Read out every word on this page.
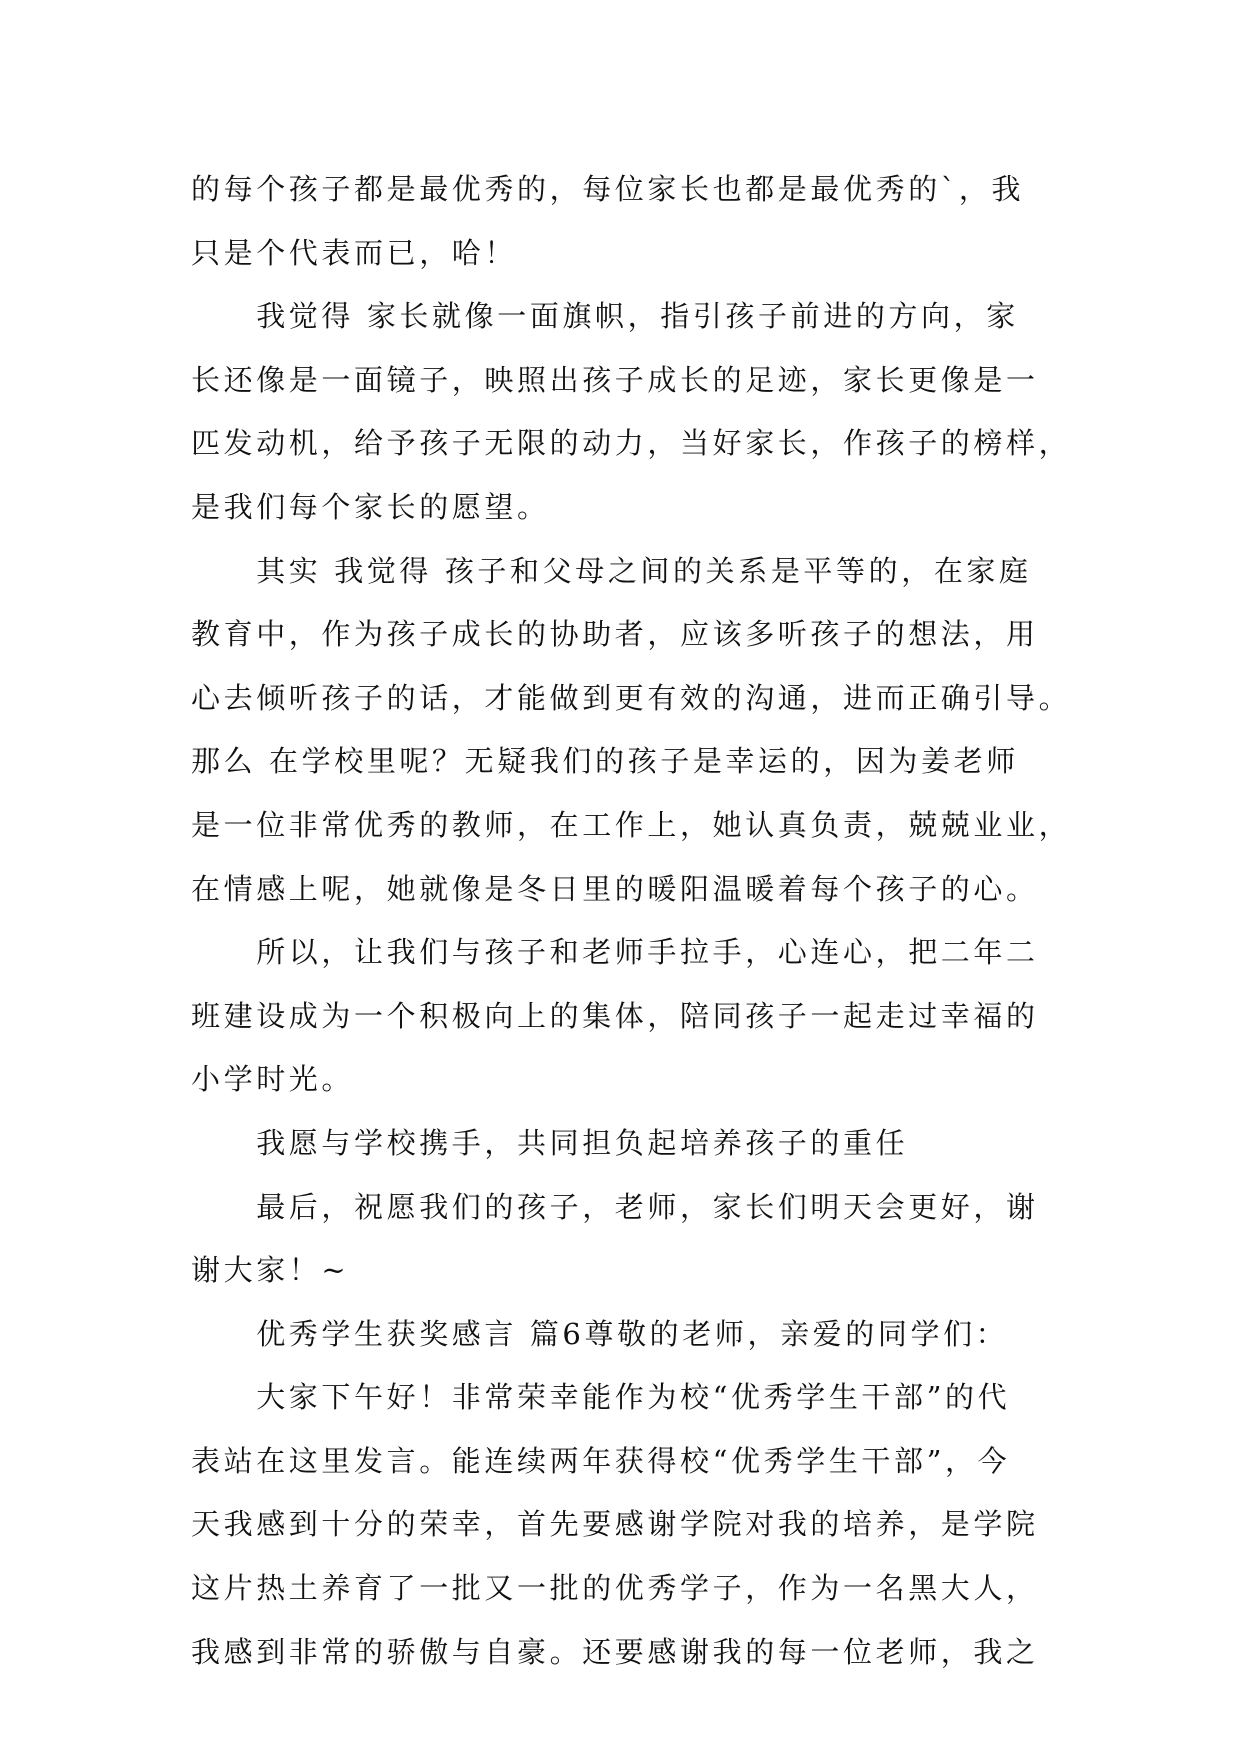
的每个孩子都是最优秀的，每位家长也都是最优秀的`，我
只是个代表而已，哈！
　　我觉得 家长就像一面旗帜，指引孩子前进的方向，家
长还像是一面镜子，映照出孩子成长的足迹，家长更像是一
匹发动机，给予孩子无限的动力，当好家长，作孩子的榜样，
是我们每个家长的愿望。
　　其实 我觉得 孩子和父母之间的关系是平等的，在家庭
教育中，作为孩子成长的协助者，应该多听孩子的想法，用
心去倾听孩子的话，才能做到更有效的沟通，进而正确引导。
那么 在学校里呢？无疑我们的孩子是幸运的，因为姜老师
是一位非常优秀的教师，在工作上，她认真负责，兢兢业业，
在情感上呢，她就像是冬日里的暖阳温暖着每个孩子的心。
　　所以，让我们与孩子和老师手拉手，心连心，把二年二
班建设成为一个积极向上的集体，陪同孩子一起走过幸福的
小学时光。
　　我愿与学校携手，共同担负起培养孩子的重任
　　最后，祝愿我们的孩子，老师，家长们明天会更好，谢
谢大家！~
　　优秀学生获奖感言 篇6尊敬的老师，亲爱的同学们：
　　大家下午好！非常荣幸能作为校“优秀学生干部”的代
表站在这里发言。能连续两年获得校“优秀学生干部”，今
天我感到十分的荣幸，首先要感谢学院对我的培养，是学院
这片热土养育了一批又一批的优秀学子，作为一名黑大人，
我感到非常的骄傲与自豪。还要感谢我的每一位老师，我之
